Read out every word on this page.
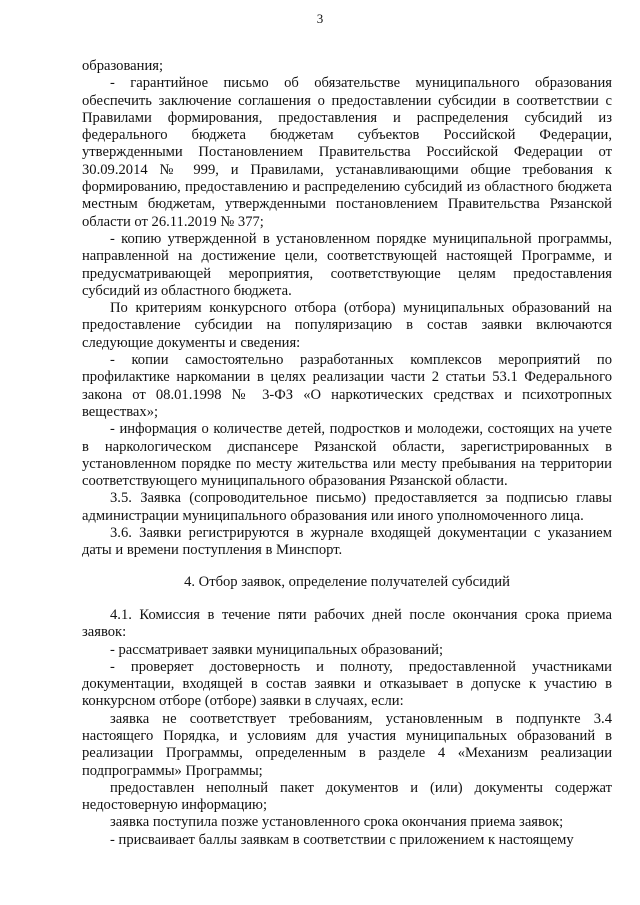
3

образования;

- гарантийное письмо об обязательстве муниципального образования обеспечить заключение соглашения о предоставлении субсидии в соответствии с Правилами формирования, предоставления и распределения субсидий из федерального бюджета бюджетам субъектов Российской Федерации, утвержденными Постановлением Правительства Российской Федерации от 30.09.2014 № 999, и Правилами, устанавливающими общие требования к формированию, предоставлению и распределению субсидий из областного бюджета местным бюджетам, утвержденными постановлением Правительства Рязанской области от 26.11.2019 № 377;

- копию утвержденной в установленном порядке муниципальной программы, направленной на достижение цели, соответствующей настоящей Программе, и предусматривающей мероприятия, соответствующие целям предоставления субсидий из областного бюджета.

По критериям конкурсного отбора (отбора) муниципальных образований на предоставление субсидии на популяризацию в состав заявки включаются следующие документы и сведения:

- копии самостоятельно разработанных комплексов мероприятий по профилактике наркомании в целях реализации части 2 статьи 53.1 Федерального закона от 08.01.1998 № 3-ФЗ «О наркотических средствах и психотропных веществах»;

- информация о количестве детей, подростков и молодежи, состоящих на учете в наркологическом диспансере Рязанской области, зарегистрированных в установленном порядке по месту жительства или месту пребывания на территории соответствующего муниципального образования Рязанской области.

3.5. Заявка (сопроводительное письмо) предоставляется за подписью главы администрации муниципального образования или иного уполномоченного лица.

3.6. Заявки регистрируются в журнале входящей документации с указанием даты и времени поступления в Минспорт.

4. Отбор заявок, определение получателей субсидий

4.1. Комиссия в течение пяти рабочих дней после окончания срока приема заявок:

- рассматривает заявки муниципальных образований;

- проверяет достоверность и полноту, предоставленной участниками документации, входящей в состав заявки и отказывает в допуске к участию в конкурсном отборе (отборе) заявки в случаях, если:

заявка не соответствует требованиям, установленным в подпункте 3.4 настоящего Порядка, и условиям для участия муниципальных образований в реализации Программы, определенным в разделе 4 «Механизм реализации подпрограммы» Программы;

предоставлен неполный пакет документов и (или) документы содержат недостоверную информацию;

заявка поступила позже установленного срока окончания приема заявок;

- присваивает баллы заявкам в соответствии с приложением к настоящему
